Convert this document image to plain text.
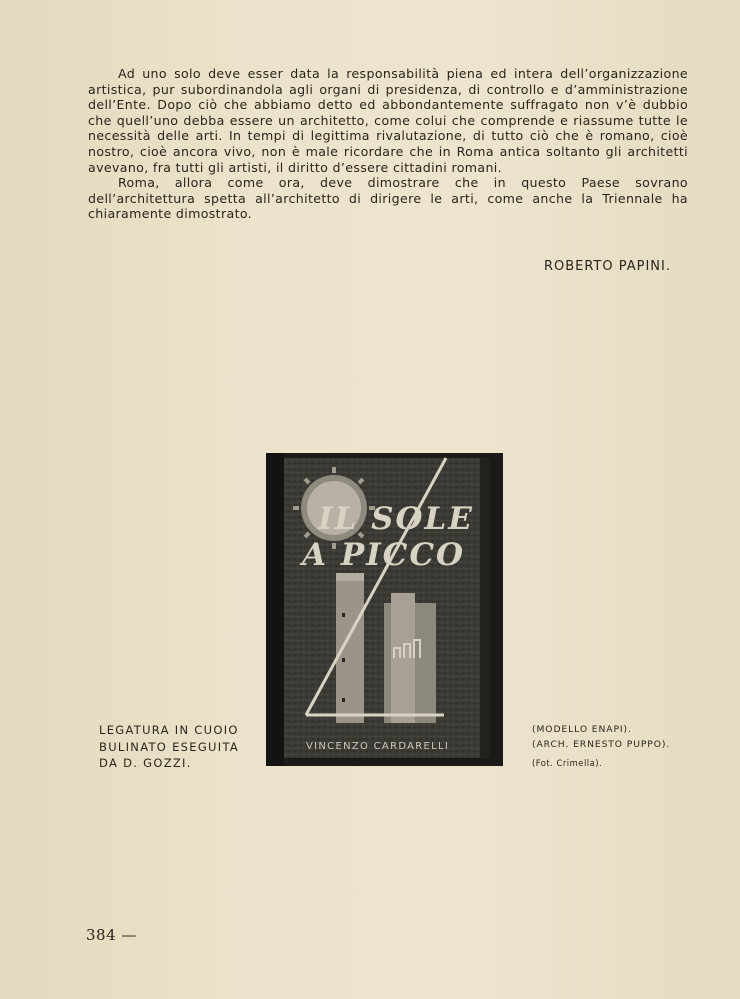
Ad uno solo deve esser data la responsabilità piena ed intera dell’organizzazione artistica, pur subordinandola agli organi di presidenza, di controllo e d’amministrazione dell’Ente. Dopo ciò che abbiamo detto ed abbondantemente suffragato non v’è dubbio che quell’uno debba essere un architetto, come colui che comprende e riassume tutte le necessità delle arti. In tempi di legittima rivalutazione, di tutto ciò che è romano, cioè nostro, cioè ancora vivo, non è male ricordare che in Roma antica soltanto gli architetti avevano, fra tutti gli artisti, il diritto d’essere cittadini romani.

Roma, allora come ora, deve dimostrare che in questo Paese sovrano dell’architettura spetta all’architetto di dirigere le arti, come anche la Triennale ha chiaramente dimostrato.

ROBERTO PAPINI.
IL SOLE
A PICCO
VINCENZO CARDARELLI
LEGATURA IN CUOIO
BULINATO ESEGUITA
DA D. GOZZI.
(MODELLO ENAPI).
(ARCH. ERNESTO PUPPO).
(Fot. Crimella).
384 —
